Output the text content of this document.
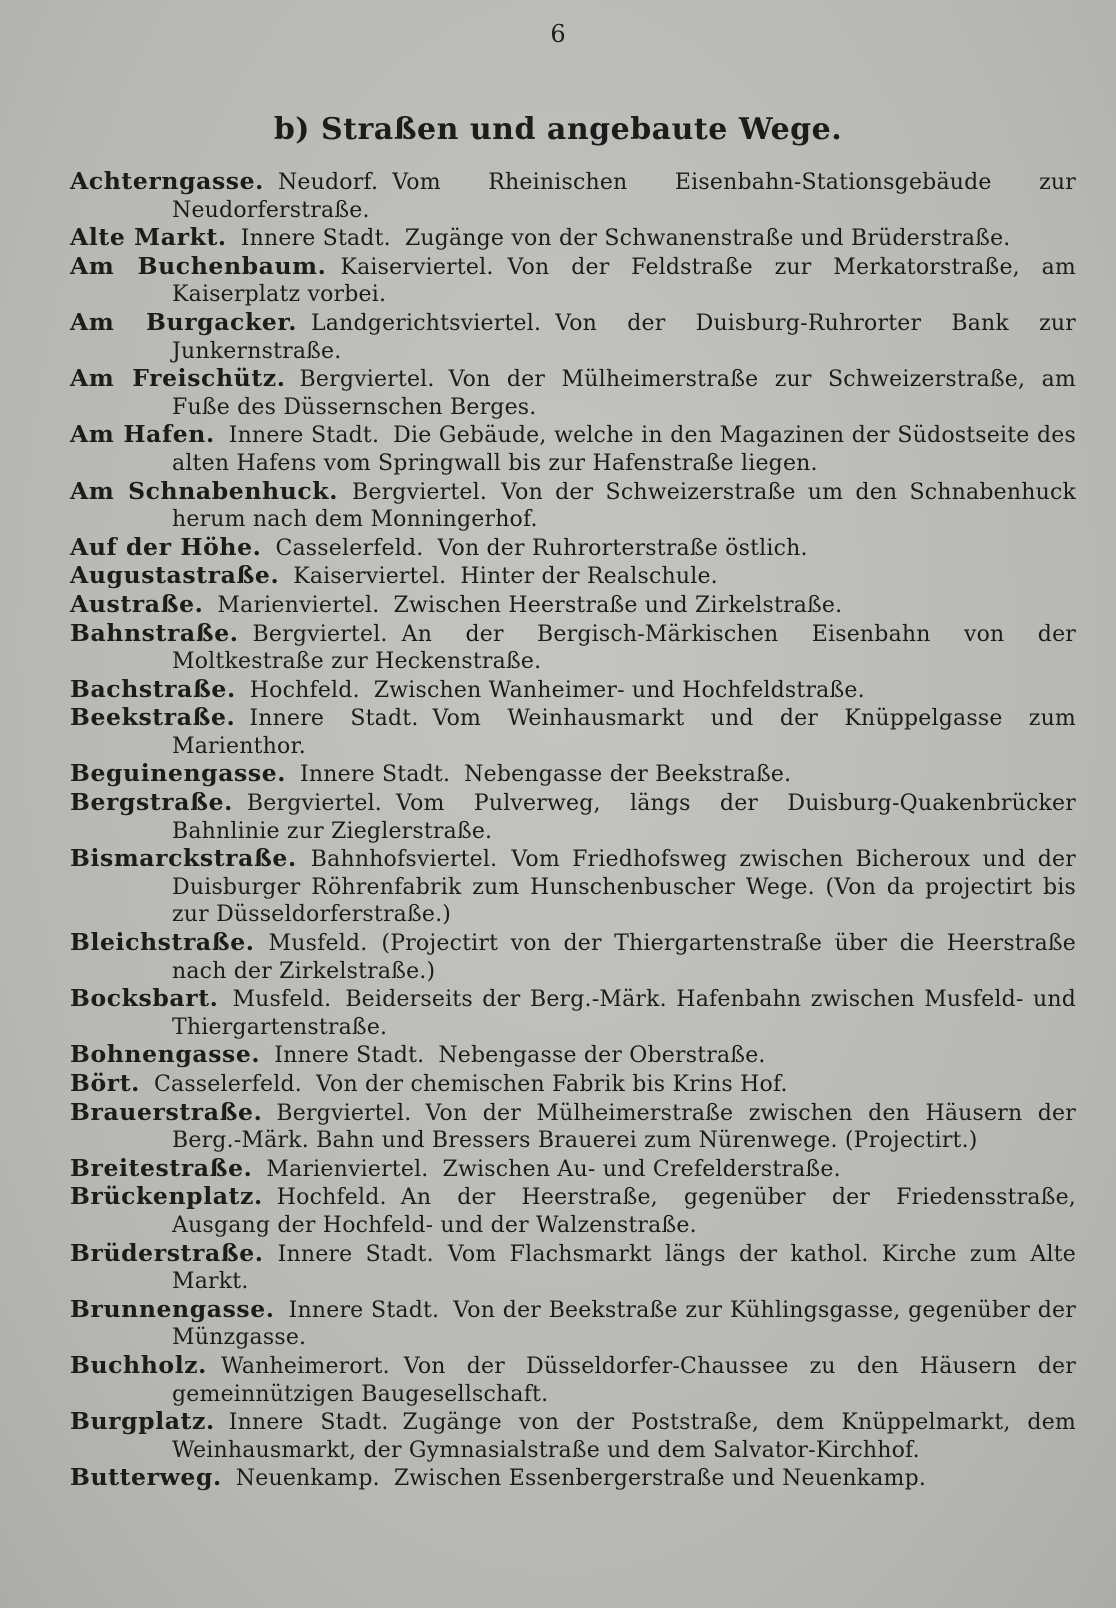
6
b) Straßen und angebaute Wege.

Achterngasse. Neudorf. Vom Rheinischen Eisenbahn-Stationsgebäude zur Neudorferstraße.

Alte Markt. Innere Stadt. Zugänge von der Schwanenstraße und Brüderstraße.

Am Buchenbaum. Kaiserviertel. Von der Feldstraße zur Merkatorstraße, am Kaiserplatz vorbei.

Am Burgacker. Landgerichtsviertel. Von der Duisburg-Ruhrorter Bank zur Junkernstraße.

Am Freischütz. Bergviertel. Von der Mülheimerstraße zur Schweizerstraße, am Fuße des Düssernschen Berges.

Am Hafen. Innere Stadt. Die Gebäude, welche in den Magazinen der Südostseite des alten Hafens vom Springwall bis zur Hafenstraße liegen.

Am Schnabenhuck. Bergviertel. Von der Schweizerstraße um den Schnabenhuck herum nach dem Monningerhof.

Auf der Höhe. Casselerfeld. Von der Ruhrorterstraße östlich.

Augustastraße. Kaiserviertel. Hinter der Realschule.

Austraße. Marienviertel. Zwischen Heerstraße und Zirkelstraße.

Bahnstraße. Bergviertel. An der Bergisch-Märkischen Eisenbahn von der Moltkestraße zur Heckenstraße.

Bachstraße. Hochfeld. Zwischen Wanheimer- und Hochfeldstraße.

Beekstraße. Innere Stadt. Vom Weinhausmarkt und der Knüppelgasse zum Marienthor.

Beguinengasse. Innere Stadt. Nebengasse der Beekstraße.

Bergstraße. Bergviertel. Vom Pulverweg, längs der Duisburg-Quakenbrücker Bahnlinie zur Zieglerstraße.

Bismarckstraße. Bahnhofsviertel. Vom Friedhofsweg zwischen Bicheroux und der Duisburger Röhrenfabrik zum Hunschenbuscher Wege. (Von da projectirt bis zur Düsseldorferstraße.)

Bleichstraße. Musfeld. (Projectirt von der Thiergartenstraße über die Heerstraße nach der Zirkelstraße.)

Bocksbart. Musfeld. Beiderseits der Berg.-Märk. Hafenbahn zwischen Musfeld- und Thiergartenstraße.

Bohnengasse. Innere Stadt. Nebengasse der Oberstraße.

Bört. Casselerfeld. Von der chemischen Fabrik bis Krins Hof.

Brauerstraße. Bergviertel. Von der Mülheimerstraße zwischen den Häusern der Berg.-Märk. Bahn und Bressers Brauerei zum Nürenwege. (Projectirt.)

Breitestraße. Marienviertel. Zwischen Au- und Crefelderstraße.

Brückenplatz. Hochfeld. An der Heerstraße, gegenüber der Friedensstraße, Ausgang der Hochfeld- und der Walzenstraße.

Brüderstraße. Innere Stadt. Vom Flachsmarkt längs der kathol. Kirche zum Alte Markt.

Brunnengasse. Innere Stadt. Von der Beekstraße zur Kühlingsgasse, gegenüber der Münzgasse.

Buchholz. Wanheimerort. Von der Düsseldorfer-Chaussee zu den Häusern der gemeinnützigen Baugesellschaft.

Burgplatz. Innere Stadt. Zugänge von der Poststraße, dem Knüppelmarkt, dem Weinhausmarkt, der Gymnasialstraße und dem Salvator-Kirchhof.

Butterweg. Neuenkamp. Zwischen Essenbergerstraße und Neuenkamp.
